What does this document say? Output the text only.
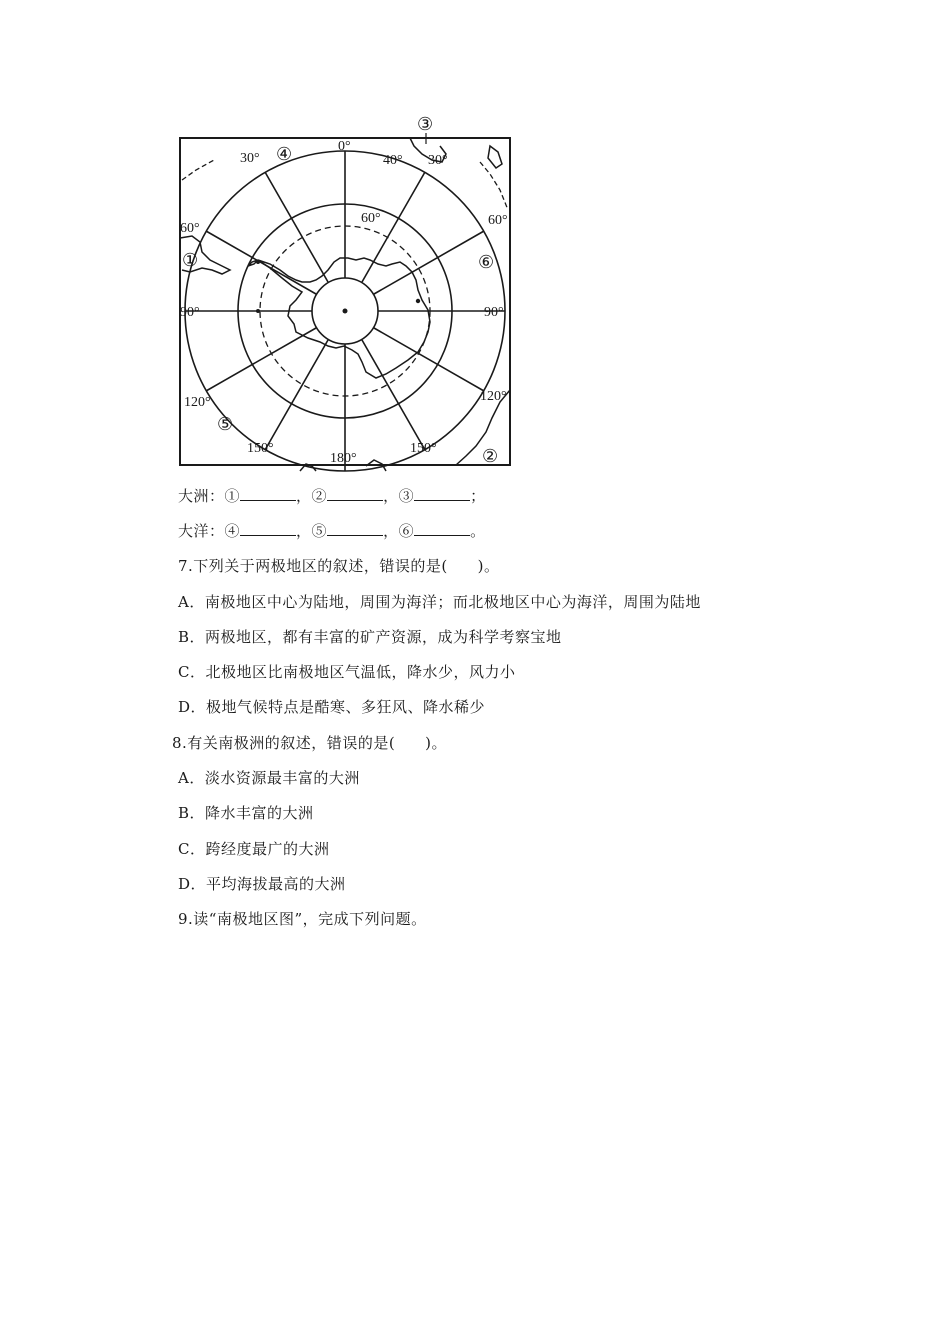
0°
30°	40° 30°
60°
60°
60°
90°	90°
120°	120°
150°	150°
180°
①
②
③
④
⑤
⑥
大洲：①	，②	，③	；
大洋：④	，⑤	，⑥	。
7.下列关于两极地区的叙述，错误的是( )。
A．南极地区中心为陆地，周围为海洋；而北极地区中心为海洋，周围为陆地
B．两极地区，都有丰富的矿产资源，成为科学考察宝地
C．北极地区比南极地区气温低，降水少，风力小
D．极地气候特点是酷寒、多狂风、降水稀少
8.有关南极洲的叙述，错误的是( )。
A．淡水资源最丰富的大洲
B．降水丰富的大洲
C．跨经度最广的大洲
D．平均海拔最高的大洲
9.读“南极地区图”，完成下列问题。
